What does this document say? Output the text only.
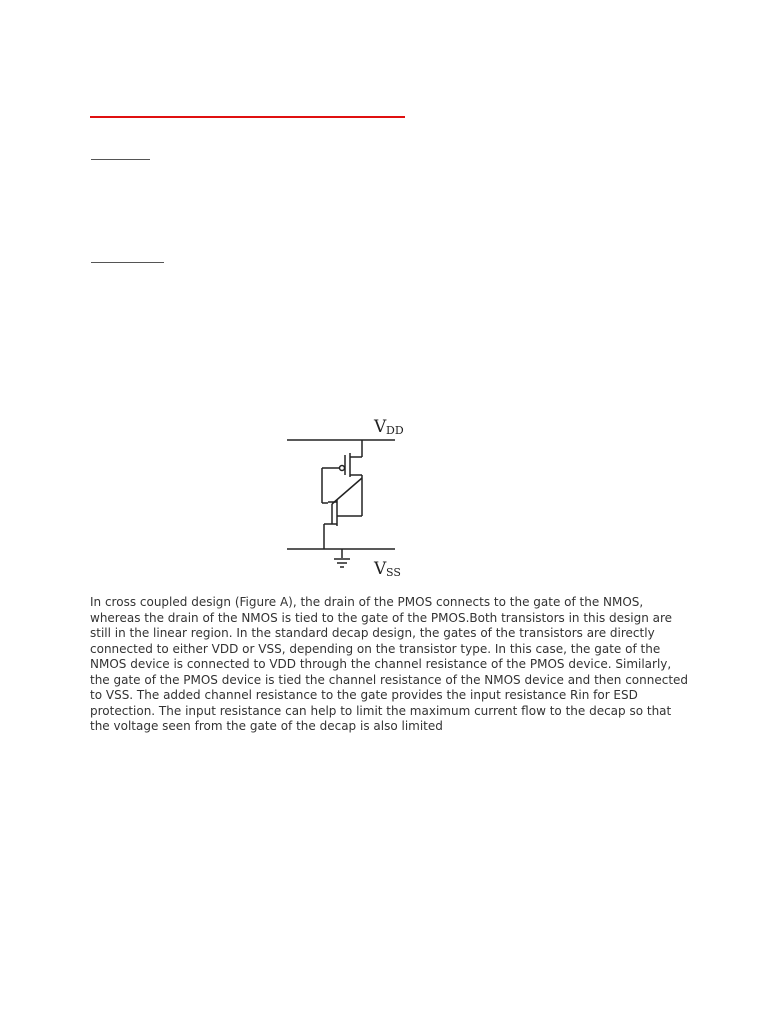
V DD
V SS

In cross coupled design (Figure A), the drain of the PMOS connects to the gate of the NMOS, whereas the drain of the NMOS is tied to the gate of the PMOS.Both transistors in this design are still in the linear region. In the standard decap design, the gates of the transistors are directly connected to either VDD or VSS, depending on the transistor type. In this case, the gate of the NMOS device is connected to VDD through the channel resistance of the PMOS device. Similarly, the gate of the PMOS device is tied the channel resistance of the NMOS device and then connected to VSS. The added channel resistance to the gate provides the input resistance Rin for ESD protection. The input resistance can help to limit the maximum current flow to the decap so that the voltage seen from the gate of the decap is also limited
